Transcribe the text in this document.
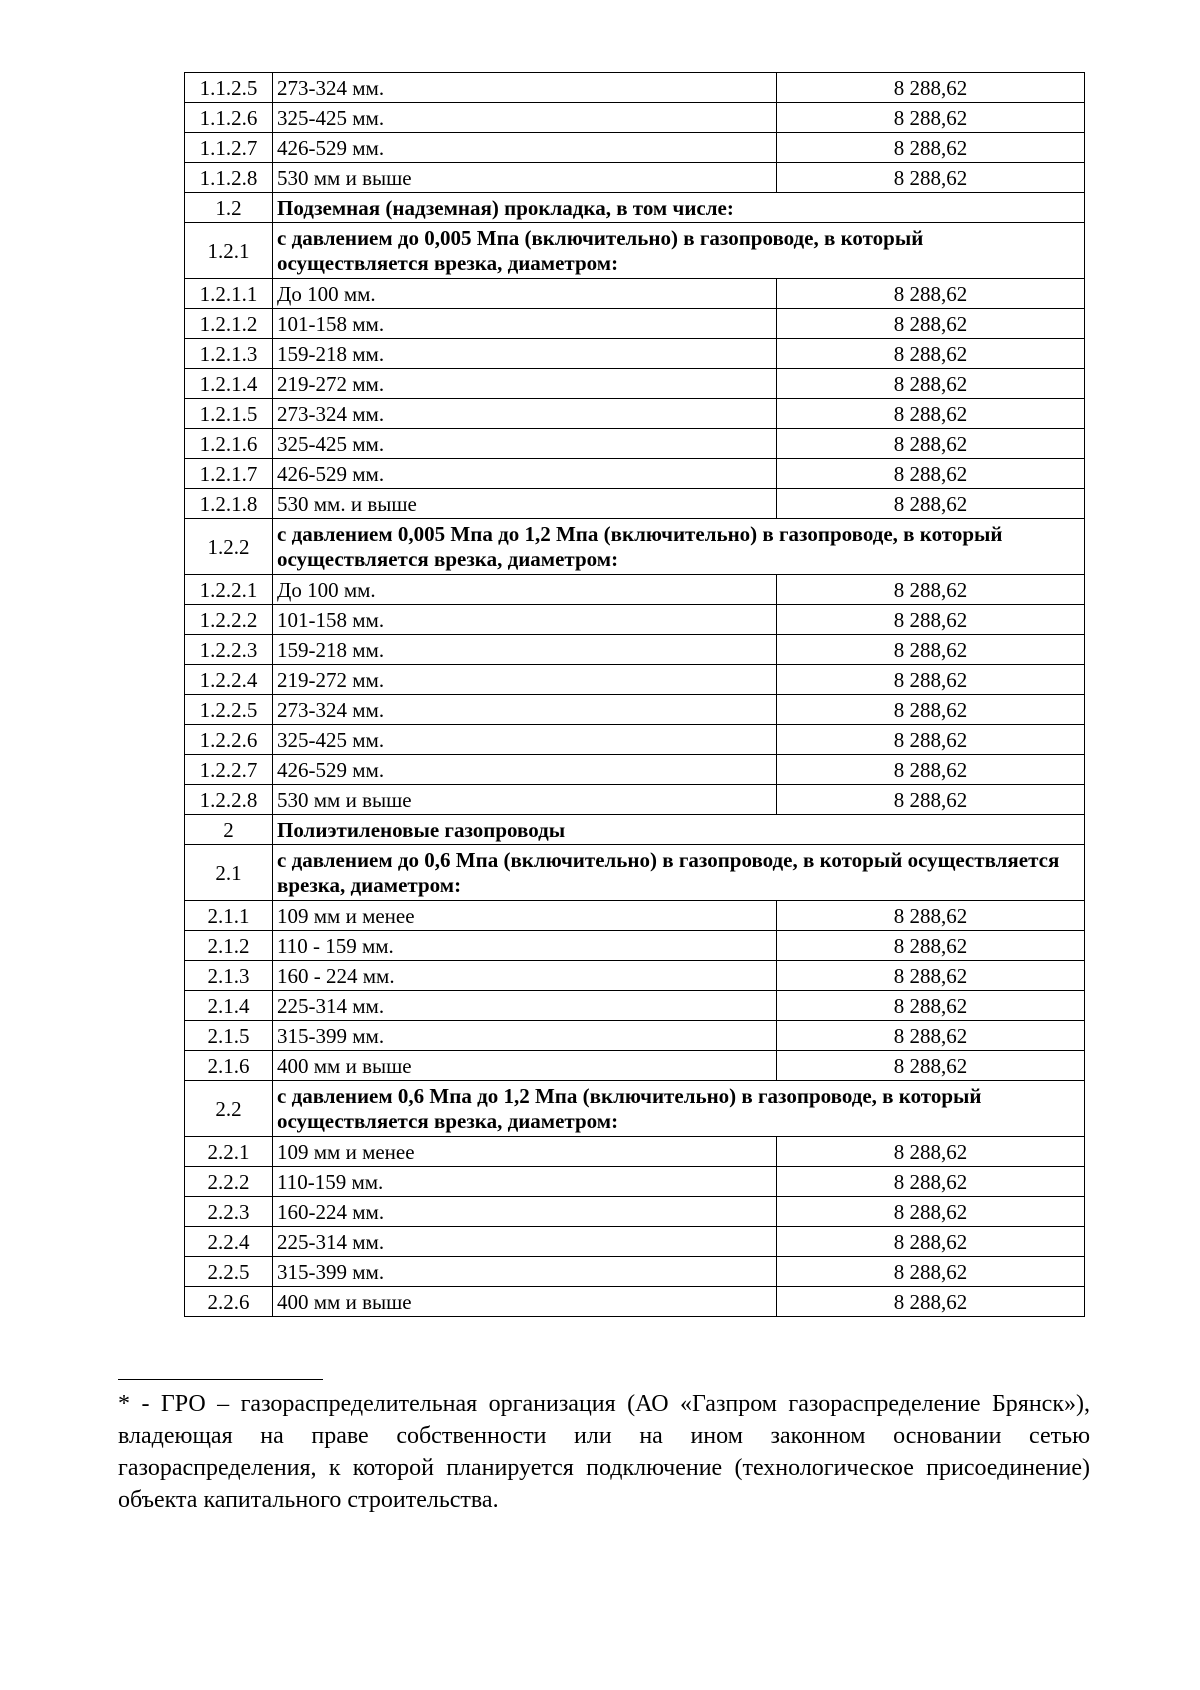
1.1.2.5	273-324 мм.	8 288,62
1.1.2.6	325-425 мм.	8 288,62
1.1.2.7	426-529 мм.	8 288,62
1.1.2.8	530 мм и выше	8 288,62
1.2	Подземная (надземная) прокладка, в том числе:	
1.2.1	с давлением до 0,005 Мпа (включительно) в газопроводе, в который осуществляется врезка, диаметром:	
1.2.1.1	До 100 мм.	8 288,62
1.2.1.2	101-158 мм.	8 288,62
1.2.1.3	159-218 мм.	8 288,62
1.2.1.4	219-272 мм.	8 288,62
1.2.1.5	273-324 мм.	8 288,62
1.2.1.6	325-425 мм.	8 288,62
1.2.1.7	426-529 мм.	8 288,62
1.2.1.8	530 мм. и выше	8 288,62
1.2.2	с давлением 0,005 Мпа до 1,2 Мпа (включительно) в газопроводе, в который осуществляется врезка, диаметром:	
1.2.2.1	До 100 мм.	8 288,62
1.2.2.2	101-158 мм.	8 288,62
1.2.2.3	159-218 мм.	8 288,62
1.2.2.4	219-272 мм.	8 288,62
1.2.2.5	273-324 мм.	8 288,62
1.2.2.6	325-425 мм.	8 288,62
1.2.2.7	426-529 мм.	8 288,62
1.2.2.8	530 мм и выше	8 288,62
2	Полиэтиленовые газопроводы	
2.1	с давлением до 0,6 Мпа (включительно) в газопроводе, в который осуществляется врезка, диаметром:	
2.1.1	109 мм и менее	8 288,62
2.1.2	110 - 159 мм.	8 288,62
2.1.3	160 - 224 мм.	8 288,62
2.1.4	225-314 мм.	8 288,62
2.1.5	315-399 мм.	8 288,62
2.1.6	400 мм и выше	8 288,62
2.2	с давлением 0,6 Мпа до 1,2 Мпа (включительно) в газопроводе, в который осуществляется врезка, диаметром:	
2.2.1	109 мм и менее	8 288,62
2.2.2	110-159 мм.	8 288,62
2.2.3	160-224 мм.	8 288,62
2.2.4	225-314 мм.	8 288,62
2.2.5	315-399 мм.	8 288,62
2.2.6	400 мм и выше	8 288,62

* - ГРО – газораспределительная организация (АО «Газпром газораспределение Брянск»), владеющая на праве собственности или на ином законном основании сетью газораспределения, к которой планируется подключение (технологическое присоединение) объекта капитального строительства.
